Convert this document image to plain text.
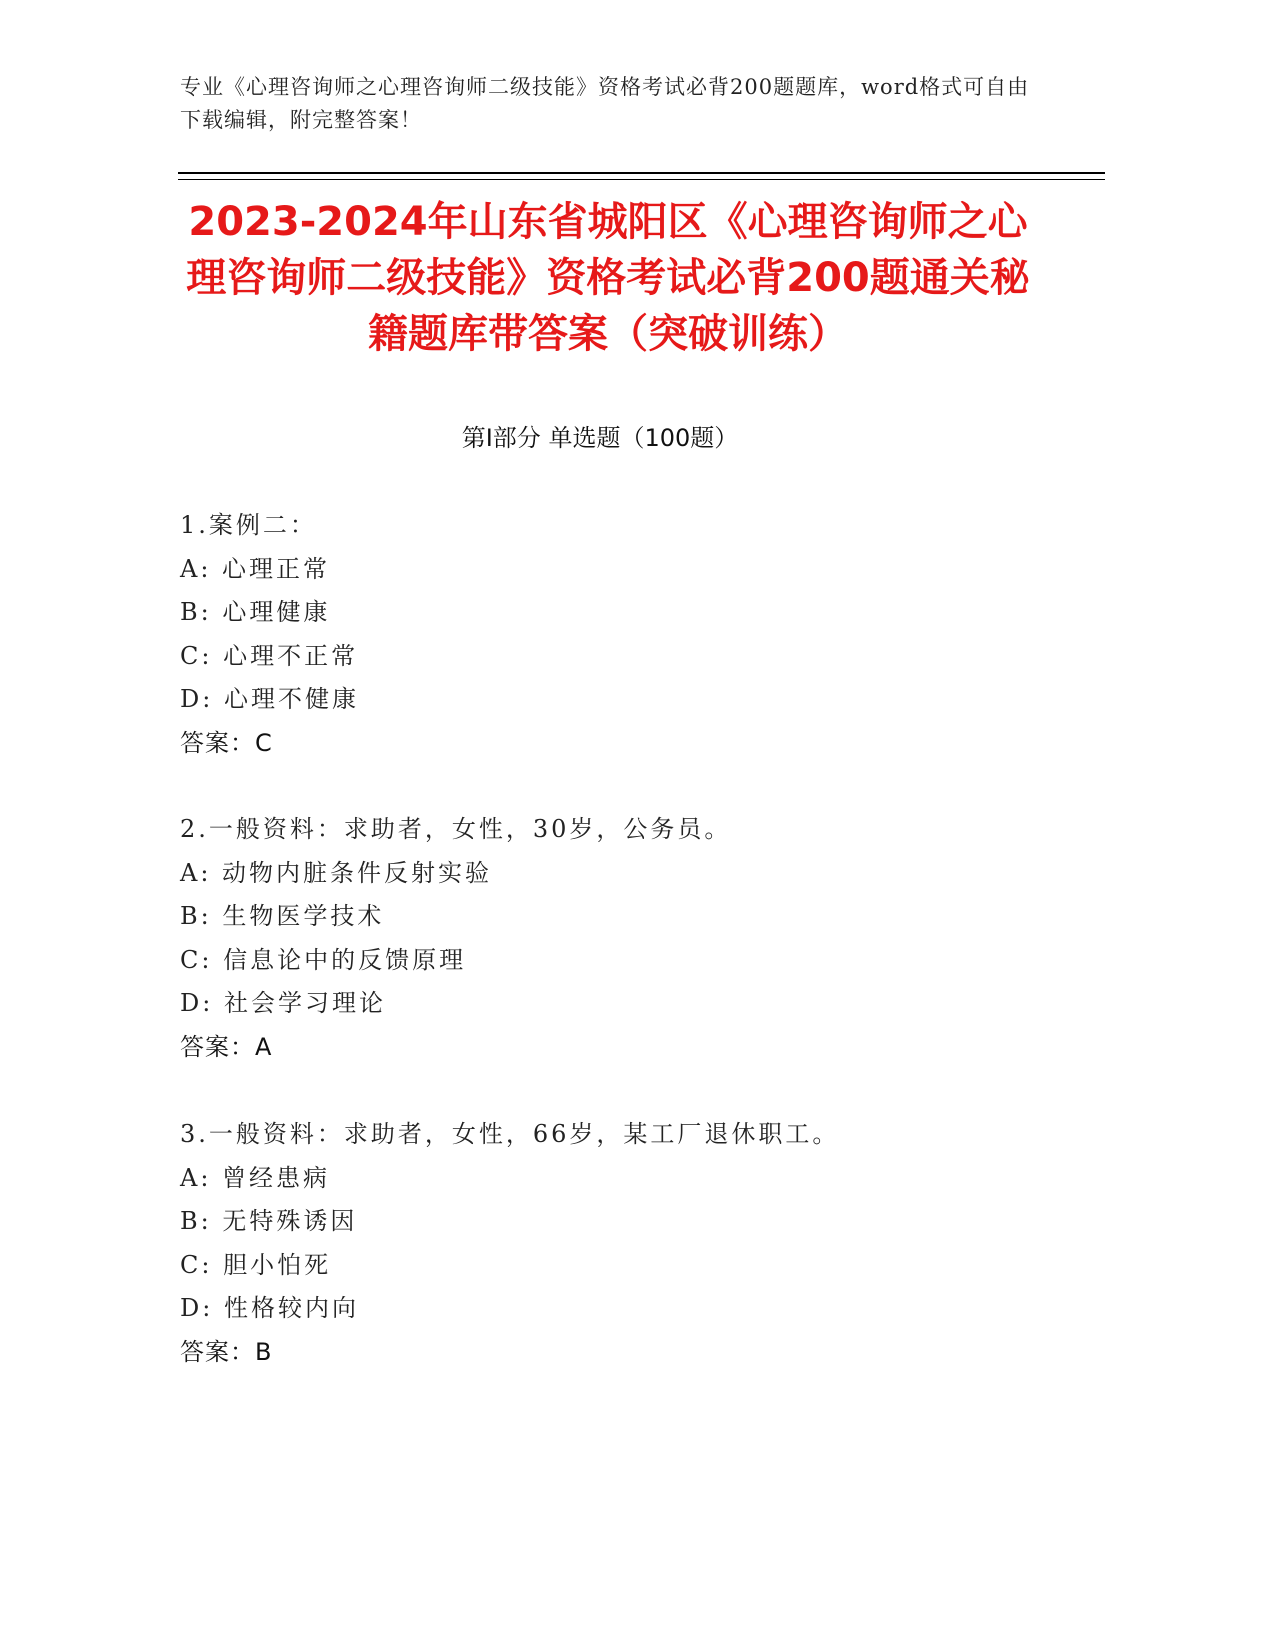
专业《心理咨询师之心理咨询师二级技能》资格考试必背200题题库，word格式可自由下载编辑，附完整答案！
2023-2024年山东省城阳区《心理咨询师之心理咨询师二级技能》资格考试必背200题通关秘籍题库带答案（突破训练）
第Ⅰ部分 单选题（100题）
1.案例二：
A: 心理正常
B: 心理健康
C: 心理不正常
D: 心理不健康
答案：C
2.一般资料：求助者，女性，30岁，公务员。
A: 动物内脏条件反射实验
B: 生物医学技术
C: 信息论中的反馈原理
D: 社会学习理论
答案：A
3.一般资料：求助者，女性，66岁，某工厂退休职工。
A: 曾经患病
B: 无特殊诱因
C: 胆小怕死
D: 性格较内向
答案：B
